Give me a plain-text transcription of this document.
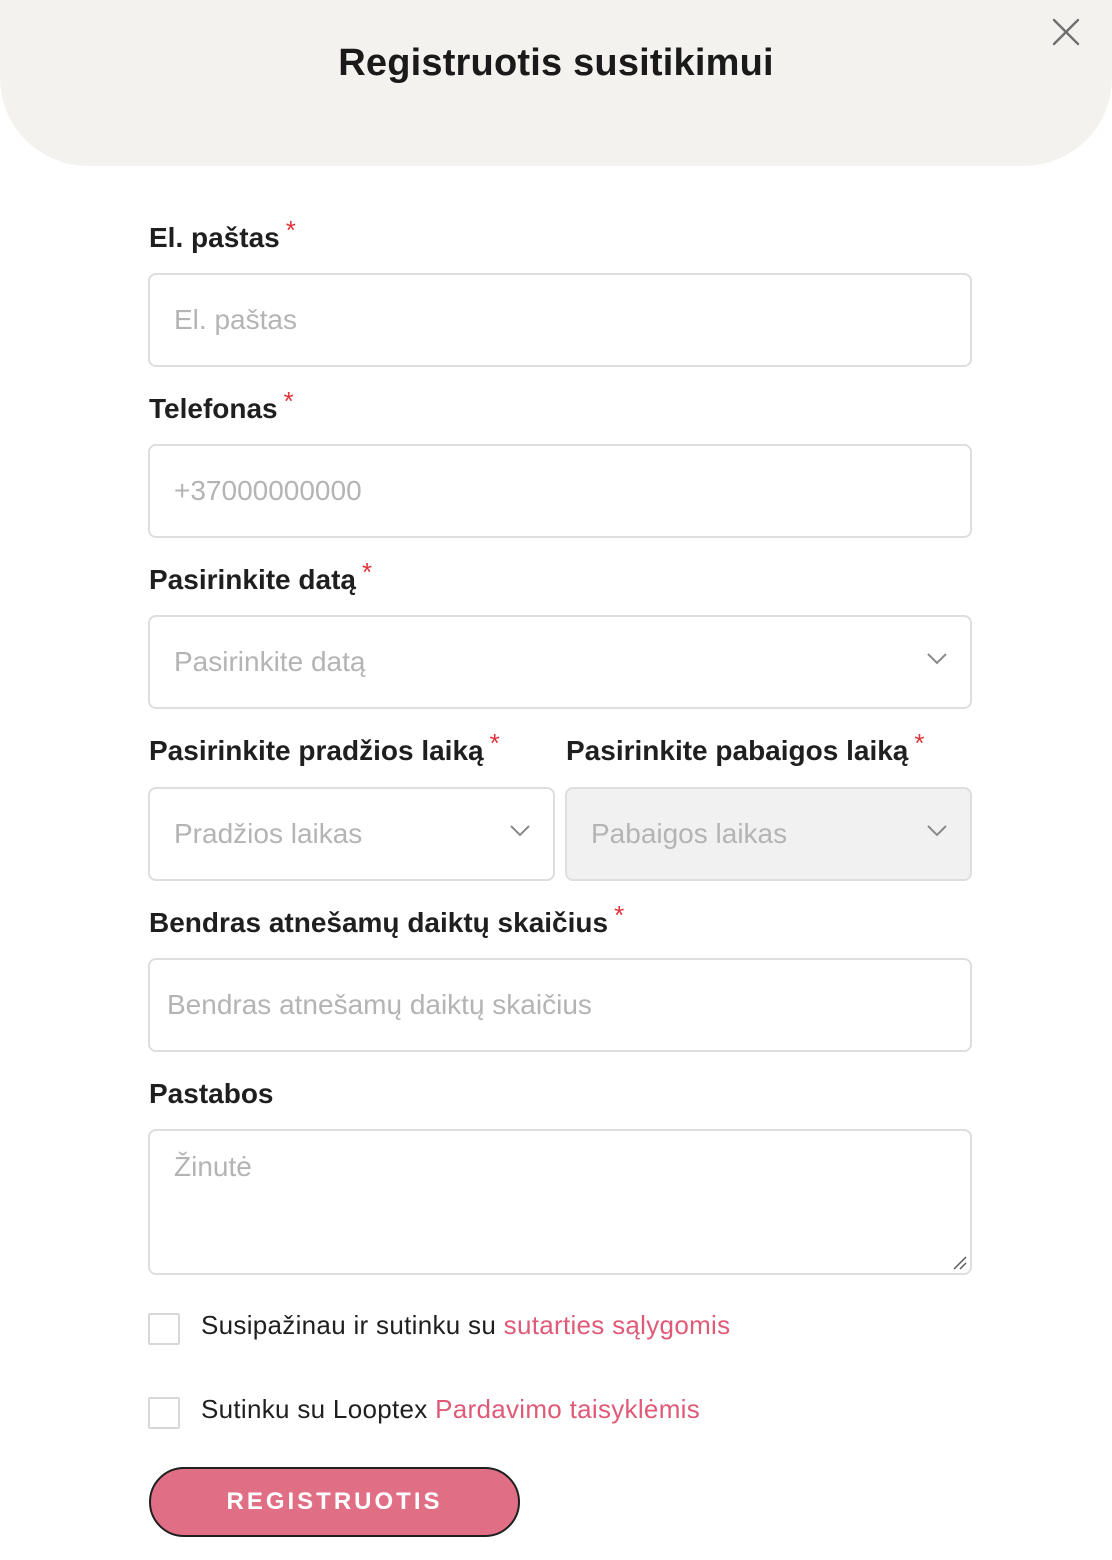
Registruotis susitikimui
El. paštas *
El. paštas
Telefonas *
+37000000000
Pasirinkite datą *
Pasirinkite datą
Pasirinkite pradžios laiką * Pasirinkite pabaigos laiką *
Pradžios laikas	Pabaigos laikas
Bendras atnešamų daiktų skaičius *
Bendras atnešamų daiktų skaičius
Pastabos
Žinutė
Susipažinau ir sutinku su sutarties sąlygomis
Sutinku su Looptex Pardavimo taisyklėmis
REGISTRUOTIS
